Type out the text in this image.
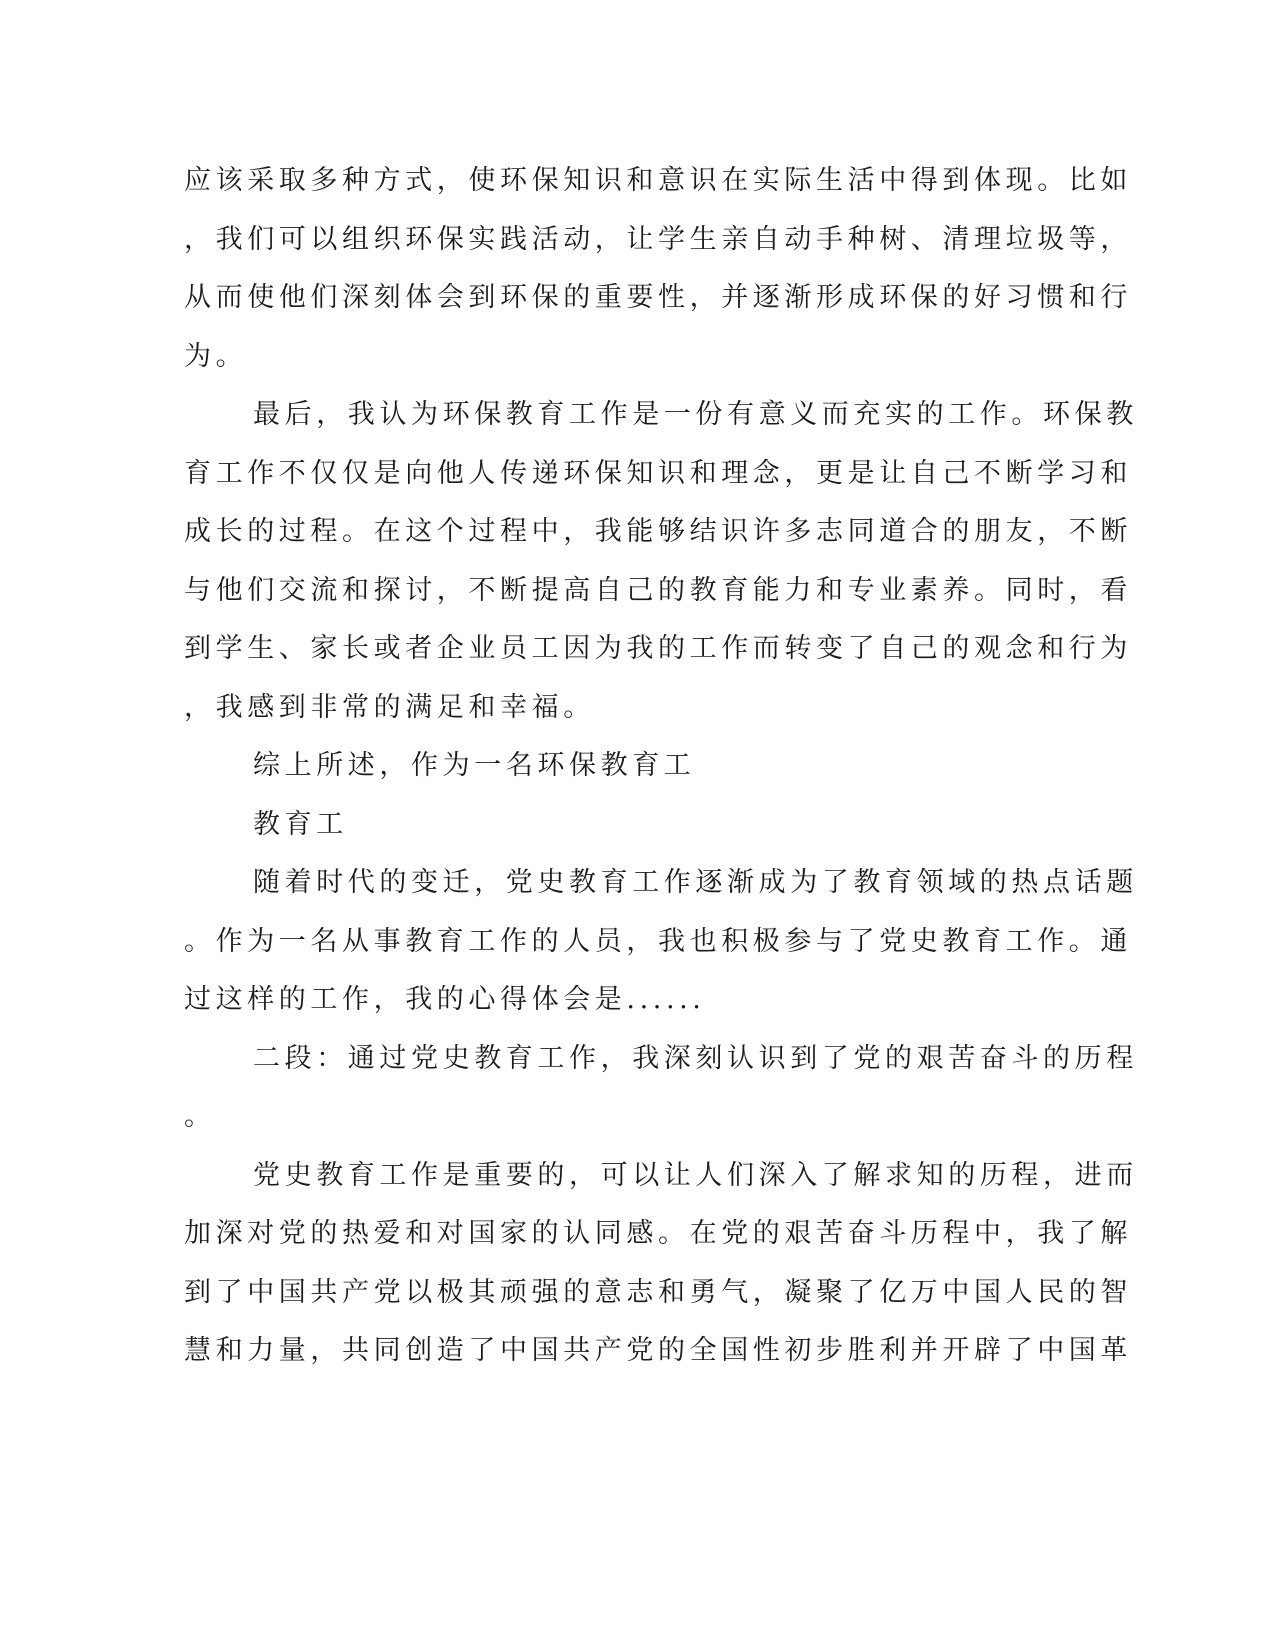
应该采取多种方式，使环保知识和意识在实际生活中得到体现。比如
，我们可以组织环保实践活动，让学生亲自动手种树、清理垃圾等，
从而使他们深刻体会到环保的重要性，并逐渐形成环保的好习惯和行
为。
最后，我认为环保教育工作是一份有意义而充实的工作。环保教
育工作不仅仅是向他人传递环保知识和理念，更是让自己不断学习和
成长的过程。在这个过程中，我能够结识许多志同道合的朋友，不断
与他们交流和探讨，不断提高自己的教育能力和专业素养。同时，看
到学生、家长或者企业员工因为我的工作而转变了自己的观念和行为
，我感到非常的满足和幸福。
综上所述，作为一名环保教育工
教育工
随着时代的变迁，党史教育工作逐渐成为了教育领域的热点话题
。作为一名从事教育工作的人员，我也积极参与了党史教育工作。通
过这样的工作，我的心得体会是......
二段：通过党史教育工作，我深刻认识到了党的艰苦奋斗的历程
。
党史教育工作是重要的，可以让人们深入了解求知的历程，进而
加深对党的热爱和对国家的认同感。在党的艰苦奋斗历程中，我了解
到了中国共产党以极其顽强的意志和勇气，凝聚了亿万中国人民的智
慧和力量，共同创造了中国共产党的全国性初步胜利并开辟了中国革
